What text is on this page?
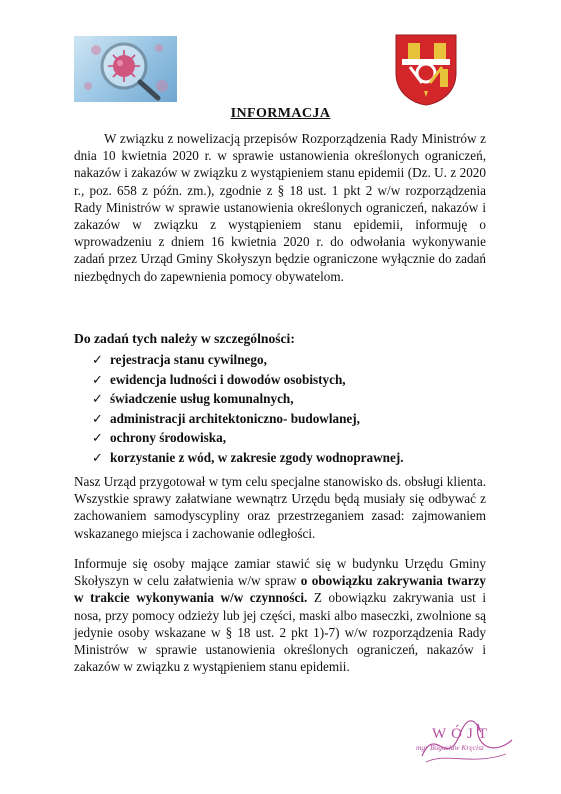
INFORMACJA

W związku z nowelizacją przepisów Rozporządzenia Rady Ministrów z dnia 10 kwietnia 2020 r. w sprawie ustanowienia określonych ograniczeń, nakazów i zakazów w związku z wystąpieniem stanu epidemii (Dz. U. z 2020 r., poz. 658 z późn. zm.), zgodnie z § 18 ust. 1 pkt 2 w/w rozporządzenia Rady Ministrów w sprawie ustanowienia określonych ograniczeń, nakazów i zakazów w związku z wystąpieniem stanu epidemii, informuję o wprowadzeniu z dniem 16 kwietnia 2020 r. do odwołania wykonywanie zadań przez Urząd Gminy Skołyszyn będzie ograniczone wyłącznie do zadań niezbędnych do zapewnienia pomocy obywatelom.

Do zadań tych należy w szczególności:

✓ rejestracja stanu cywilnego,
✓ ewidencja ludności i dowodów osobistych,
✓ świadczenie usług komunalnych,
✓ administracji architektoniczno- budowlanej,
✓ ochrony środowiska,
✓ korzystanie z wód, w zakresie zgody wodnoprawnej.

Nasz Urząd przygotował w tym celu specjalne stanowisko ds. obsługi klienta. Wszystkie sprawy załatwiane wewnątrz Urzędu będą musiały się odbywać z zachowaniem samodyscypliny oraz przestrzeganiem zasad: zajmowaniem wskazanego miejsca i zachowanie odległości.

Informuje się osoby mające zamiar stawić się w budynku Urzędu Gminy Skołyszyn w celu załatwienia w/w spraw o obowiązku zakrywania twarzy w trakcie wykonywania w/w czynności. Z obowiązku zakrywania ust i nosa, przy pomocy odzieży lub jej części, maski albo maseczki, zwolnione są jedynie osoby wskazane w § 18 ust. 2 pkt 1)-7) w/w rozporządzenia Rady Ministrów w sprawie ustanowienia określonych ograniczeń, nakazów i zakazów w związku z wystąpieniem stanu epidemii.

WÓJT
mgr Bogusław Kręcisz
